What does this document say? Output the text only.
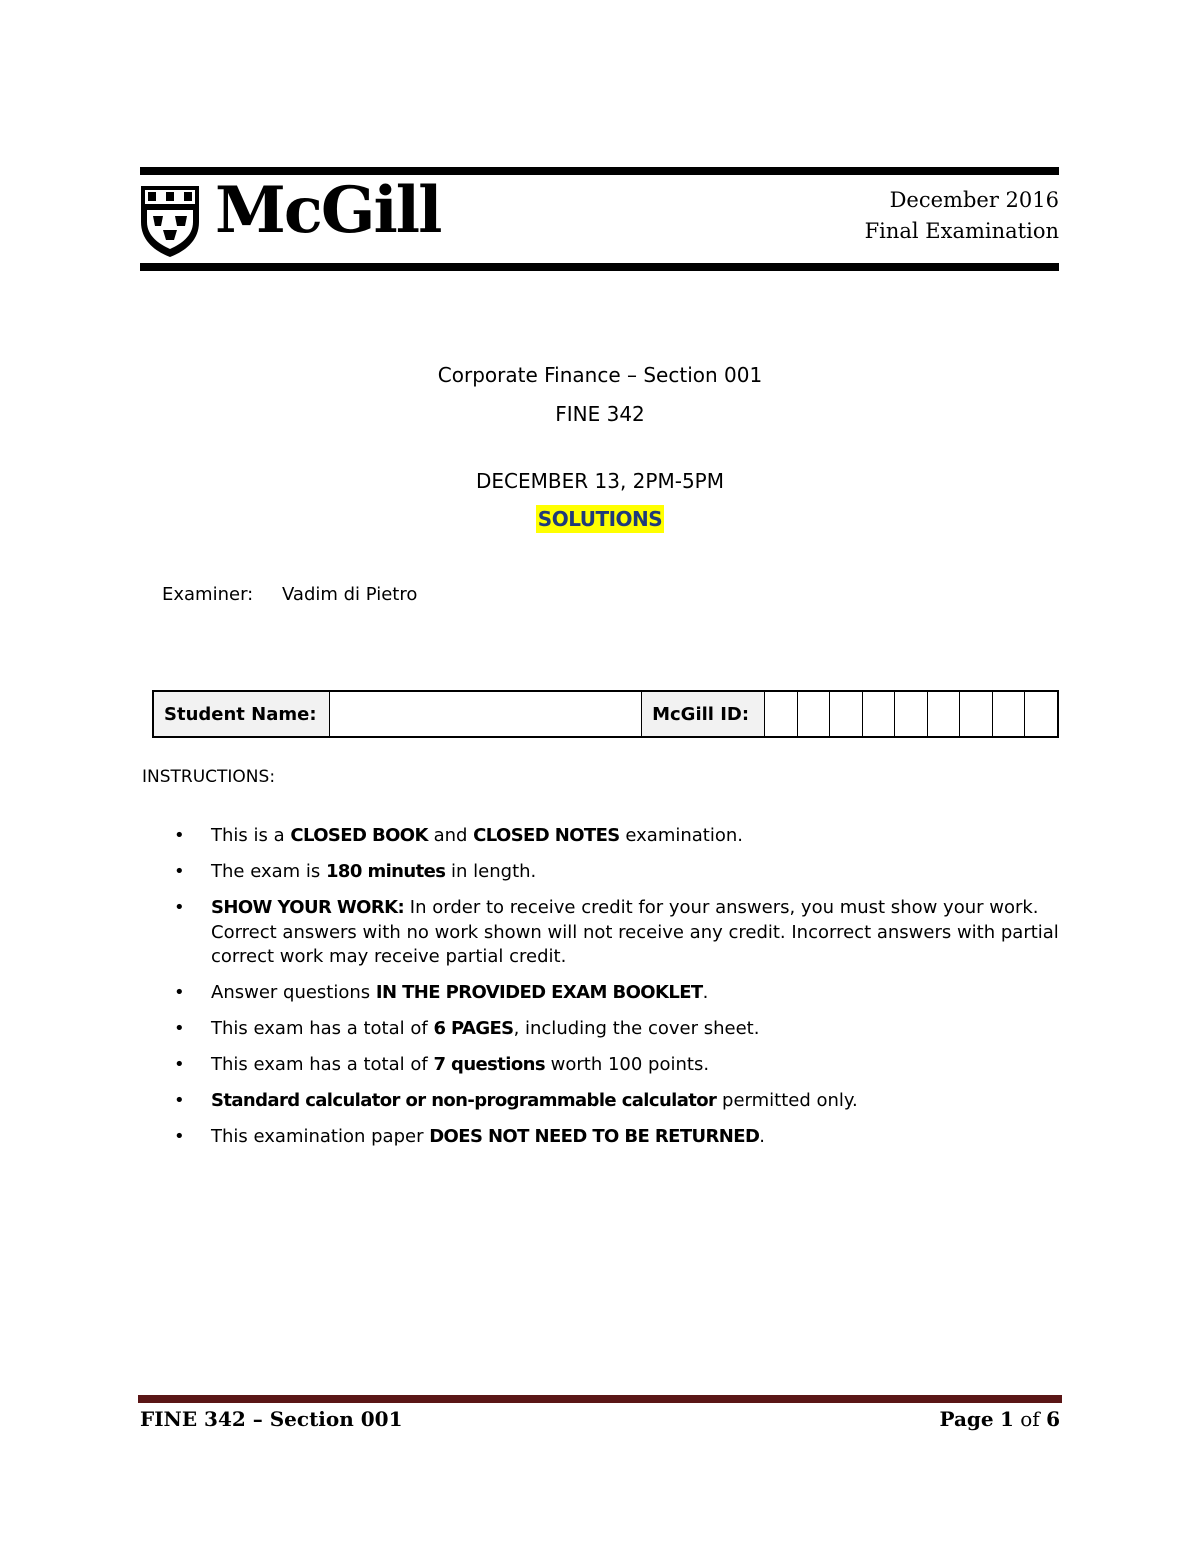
McGill	December 2016
Final Examination
Corporate Finance – Section 001
FINE 342
DECEMBER 13, 2PM-5PM
SOLUTIONS
Examiner: Vadim di Pietro
Student Name:		McGill ID:									
INSTRUCTIONS:
• This is a CLOSED BOOK and CLOSED NOTES examination.
• The exam is 180 minutes in length.
• SHOW YOUR WORK: In order to receive credit for your answers, you must show your work. Correct answers with no work shown will not receive any credit. Incorrect answers with partial correct work may receive partial credit.
• Answer questions IN THE PROVIDED EXAM BOOKLET.
• This exam has a total of 6 PAGES, including the cover sheet.
• This exam has a total of 7 questions worth 100 points.
• Standard calculator or non-programmable calculator permitted only.
• This examination paper DOES NOT NEED TO BE RETURNED.
FINE 342 – Section 001	Page 1 of 6
